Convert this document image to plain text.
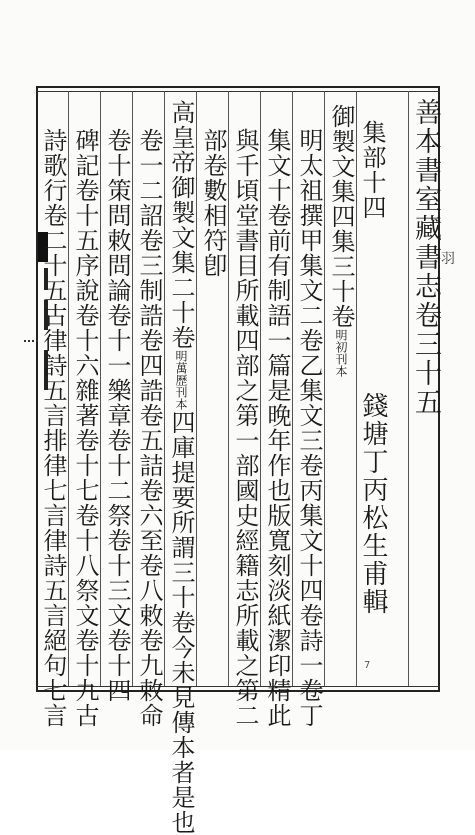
善本書室藏書志卷三十五
錢塘丁丙松生甫輯
集部十四
御製文集四集三十卷明初刊本
明太祖撰甲集文二卷乙集文三卷丙集文十四卷詩一卷丁
集文十卷前有制語一篇是晚年作也版寬刻淡紙潔印精此
與千頃堂書目所載四部之第一部國史經籍志所載之第二
高皇帝御製文集二十卷明萬歷刊本四庫提要所謂三十卷今未見傳本者是也
部卷數相符卽
卷一二詔卷三制誥卷四誥卷五詰卷六至卷八敕卷九敕命
卷十策問敕問論卷十一樂章卷十二祭卷十三文卷十四
碑記卷十五序說卷十六雜著卷十七卷十八祭文卷十九古	7
羽
詩歌行卷二十五古律詩五言排律七言律詩五言絕句七言
